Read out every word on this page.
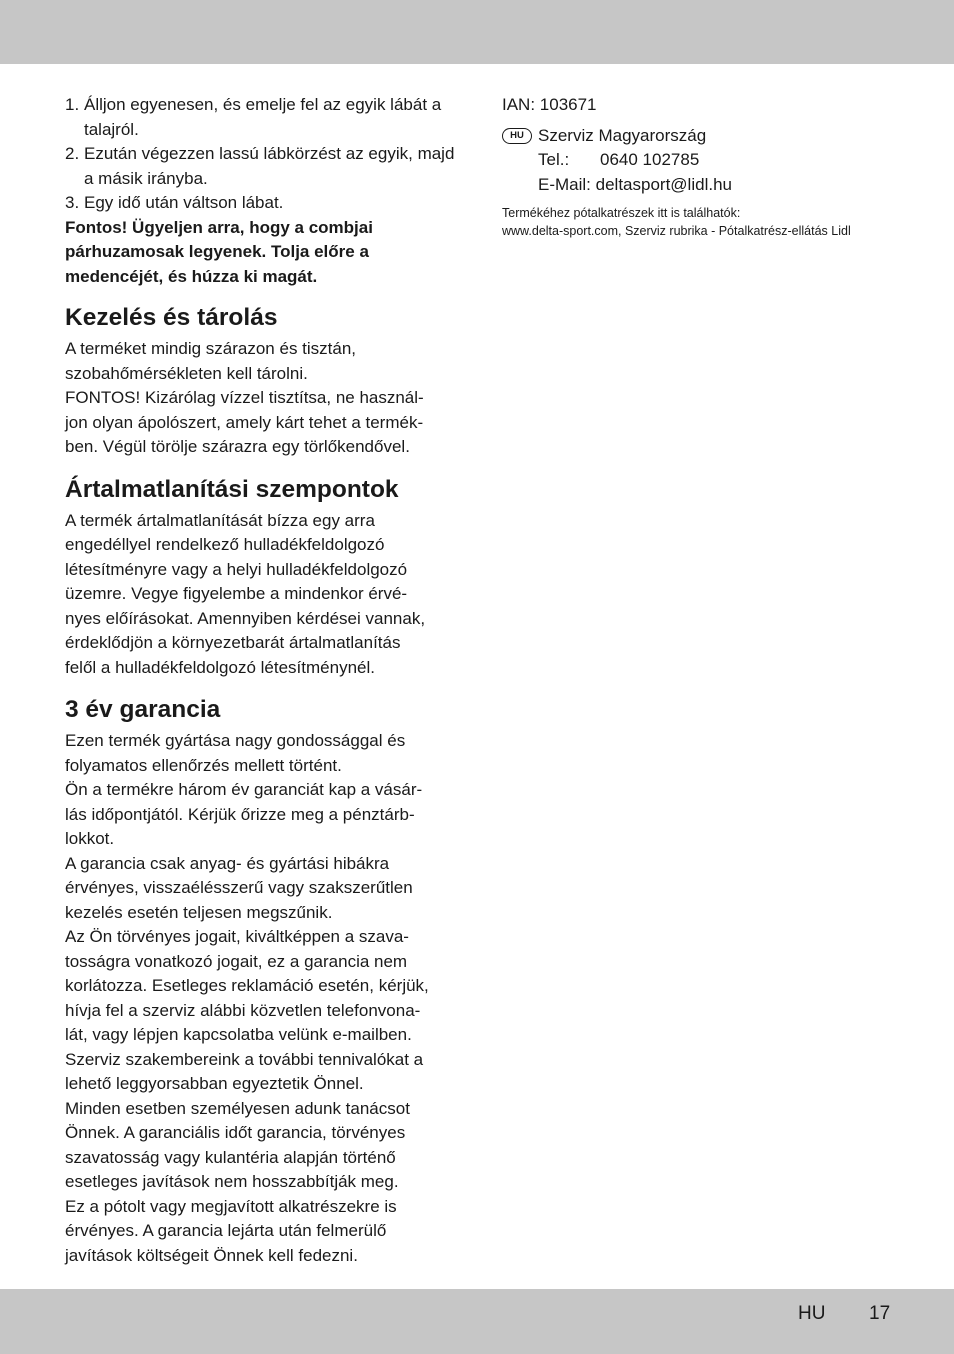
1. Álljon egyenesen, és emelje fel az egyik lábát a talajról.
2. Ezután végezzen lassú lábkörzést az egyik, majd a másik irányba.
3. Egy idő után váltson lábat.

Fontos! Ügyeljen arra, hogy a combjai párhuzamosak legyenek. Tolja előre a medencéjét, és húzza ki magát.

Kezelés és tárolás

A terméket mindig szárazon és tisztán,
szobahőmérsékleten kell tárolni.
FONTOS! Kizárólag vízzel tisztítsa, ne használ-
jon olyan ápolószert, amely kárt tehet a termék-
ben. Végül törölje szárazra egy törlőkendővel.

Ártalmatlanítási szempontok

A termék ártalmatlanítását bízza egy arra
engedéllyel rendelkező hulladékfeldolgozó
létesítményre vagy a helyi hulladékfeldolgozó
üzemre. Vegye figyelembe a mindenkor érvé-
nyes előírásokat. Amennyiben kérdései vannak,
érdeklődjön a környezetbarát ártalmatlanítás
felől a hulladékfeldolgozó létesítménynél.

3 év garancia

Ezen termék gyártása nagy gondossággal és
folyamatos ellenőrzés mellett történt.
Ön a termékre három év garanciát kap a vásár-
lás időpontjától. Kérjük őrizze meg a pénztárb-
lokkot.
A garancia csak anyag- és gyártási hibákra
érvényes, visszaélésszerű vagy szakszerűtlen
kezelés esetén teljesen megszűnik.
Az Ön törvényes jogait, kiváltképpen a szava-
tosságra vonatkozó jogait, ez a garancia nem
korlátozza. Esetleges reklamáció esetén, kérjük,
hívja fel a szerviz alábbi közvetlen telefonvona-
lát, vagy lépjen kapcsolatba velünk e-mailben.
Szerviz szakembereink a további tennivalókat a
lehető leggyorsabban egyeztetik Önnel.
Minden esetben személyesen adunk tanácsot
Önnek. A garanciális időt garancia, törvényes
szavatosság vagy kulantéria alapján történő
esetleges javítások nem hosszabbítják meg.
Ez a pótolt vagy megjavított alkatrészekre is
érvényes. A garancia lejárta után felmerülő
javítások költségeit Önnek kell fedezni.

IAN: 103671

HU Szerviz Magyarország
Tel.: 0640 102785
E-Mail: deltasport@lidl.hu
Termékéhez pótalkatrészek itt is találhatók:
www.delta-sport.com, Szerviz rubrika - Pótalkatrész-ellátás Lidl
HU 17
